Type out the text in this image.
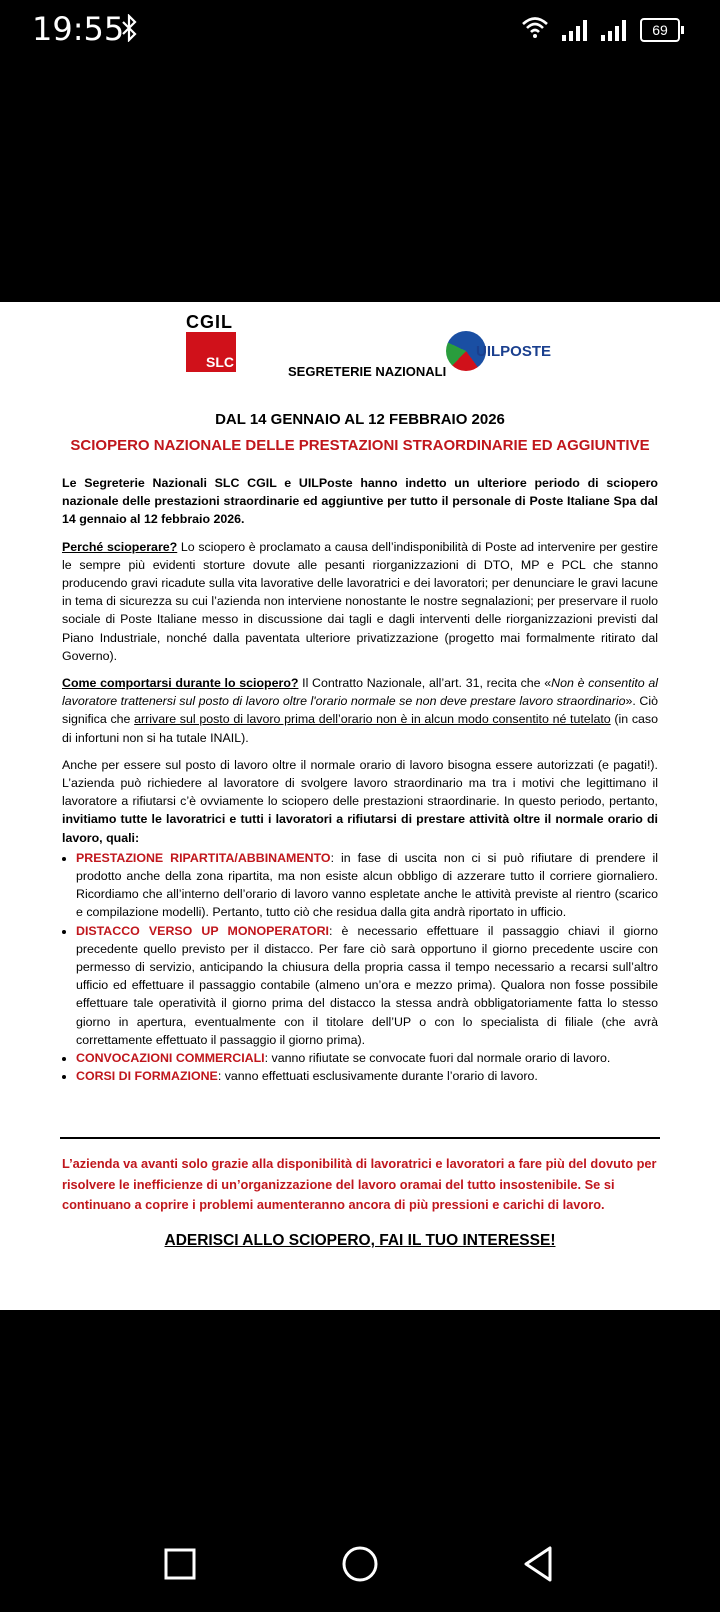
19:55	69
CGIL
SLC
SEGRETERIE NAZIONALI
UILPOSTE
DAL 14 GENNAIO AL 12 FEBBRAIO 2026
SCIOPERO NAZIONALE DELLE PRESTAZIONI STRAORDINARIE ED AGGIUNTIVE

Le Segreterie Nazionali SLC CGIL e UILPoste hanno indetto un ulteriore periodo di sciopero nazionale delle prestazioni straordinarie ed aggiuntive per tutto il personale di Poste Italiane Spa dal 14 gennaio al 12 febbraio 2026.

Perché scioperare? Lo sciopero è proclamato a causa dell’indisponibilità di Poste ad intervenire per gestire le sempre più evidenti storture dovute alle pesanti riorganizzazioni di DTO, MP e PCL che stanno producendo gravi ricadute sulla vita lavorative delle lavoratrici e dei lavoratori; per denunciare le gravi lacune in tema di sicurezza su cui l’azienda non interviene nonostante le nostre segnalazioni; per preservare il ruolo sociale di Poste Italiane messo in discussione dai tagli e dagli interventi delle riorganizzazioni previsti dal Piano Industriale, nonché dalla paventata ulteriore privatizzazione (progetto mai formalmente ritirato dal Governo).

Come comportarsi durante lo sciopero? Il Contratto Nazionale, all’art. 31, recita che «Non è consentito al lavoratore trattenersi sul posto di lavoro oltre l'orario normale se non deve prestare lavoro straordinario». Ciò significa che arrivare sul posto di lavoro prima dell’orario non è in alcun modo consentito né tutelato (in caso di infortuni non si ha tutale INAIL).

Anche per essere sul posto di lavoro oltre il normale orario di lavoro bisogna essere autorizzati (e pagati!). L’azienda può richiedere al lavoratore di svolgere lavoro straordinario ma tra i motivi che legittimano il lavoratore a rifiutarsi c’è ovviamente lo sciopero delle prestazioni straordinarie. In questo periodo, pertanto, invitiamo tutte le lavoratrici e tutti i lavoratori a rifiutarsi di prestare attività oltre il normale orario di lavoro, quali:

• PRESTAZIONE RIPARTITA/ABBINAMENTO: in fase di uscita non ci si può rifiutare di prendere il prodotto anche della zona ripartita, ma non esiste alcun obbligo di azzerare tutto il corriere giornaliero. Ricordiamo che all’interno dell’orario di lavoro vanno espletate anche le attività previste al rientro (scarico e compilazione modelli). Pertanto, tutto ciò che residua dalla gita andrà riportato in ufficio.
• DISTACCO VERSO UP MONOPERATORI: è necessario effettuare il passaggio chiavi il giorno precedente quello previsto per il distacco. Per fare ciò sarà opportuno il giorno precedente uscire con permesso di servizio, anticipando la chiusura della propria cassa il tempo necessario a recarsi sull’altro ufficio ed effettuare il passaggio contabile (almeno un’ora e mezzo prima). Qualora non fosse possibile effettuare tale operatività il giorno prima del distacco la stessa andrà obbligatoriamente fatta lo stesso giorno in apertura, eventualmente con il titolare dell’UP o con lo specialista di filiale (che avrà correttamente effettuato il passaggio il giorno prima).
• CONVOCAZIONI COMMERCIALI: vanno rifiutate se convocate fuori dal normale orario di lavoro.
• CORSI DI FORMAZIONE: vanno effettuati esclusivamente durante l’orario di lavoro.
L’azienda va avanti solo grazie alla disponibilità di lavoratrici e lavoratori a fare più del dovuto per risolvere le inefficienze di un’organizzazione del lavoro oramai del tutto insostenibile. Se si continuano a coprire i problemi aumenteranno ancora di più pressioni e carichi di lavoro.
ADERISCI ALLO SCIOPERO, FAI IL TUO INTERESSE!
